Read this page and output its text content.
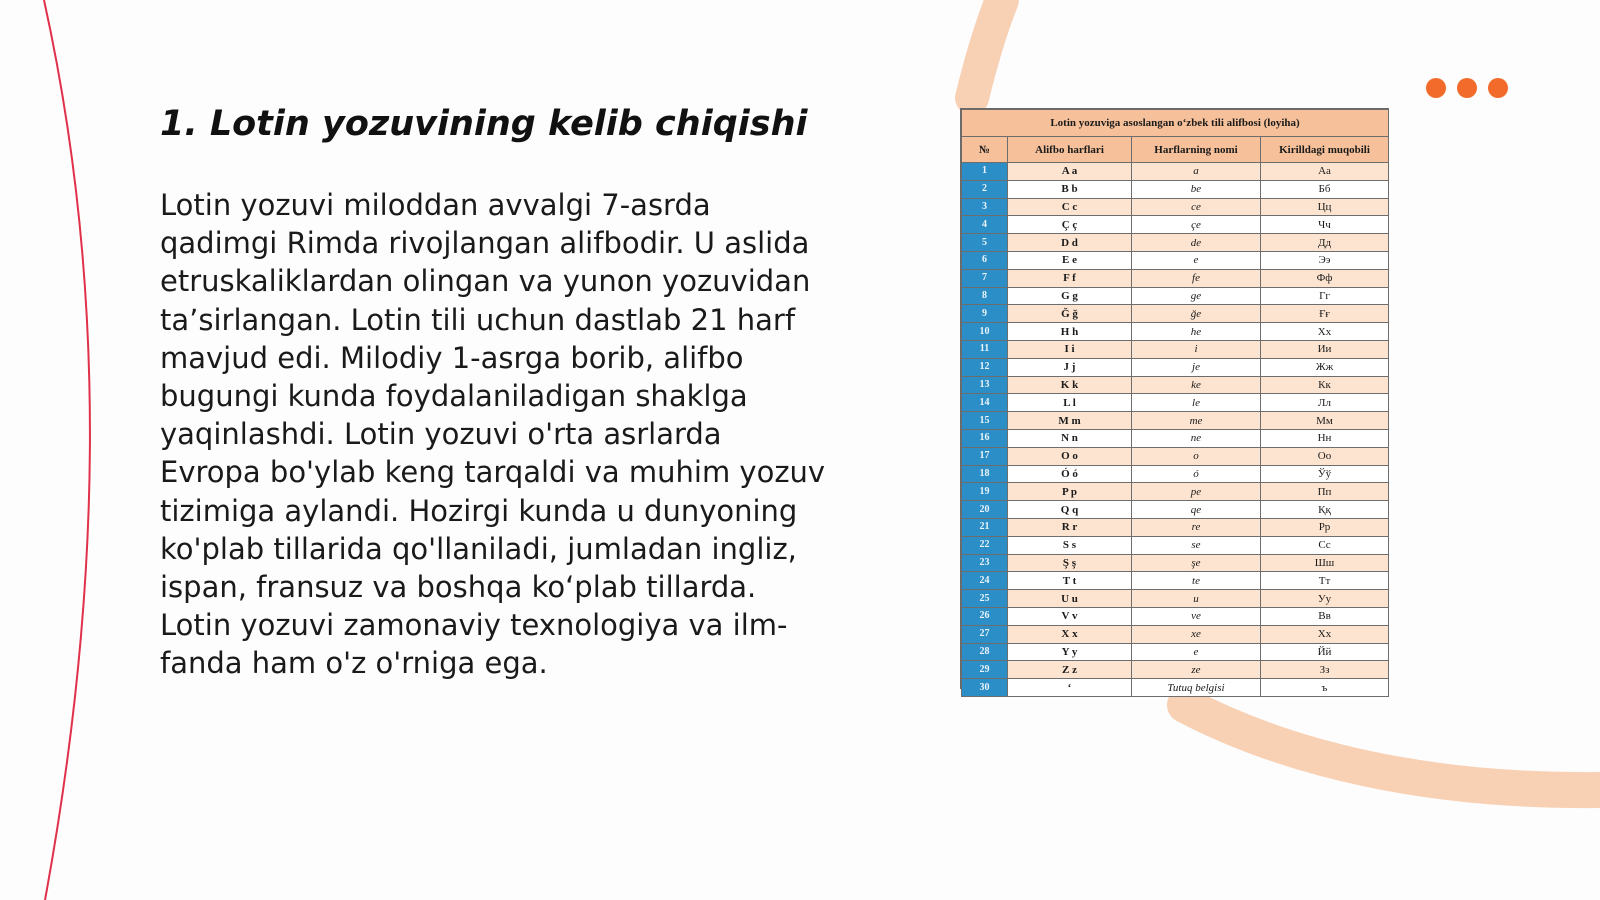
1. Lotin yozuvining kelib chiqishi

Lotin yozuvi miloddan avvalgi 7-asrda
qadimgi Rimda rivojlangan alifbodir. U aslida
etruskaliklardan olingan va yunon yozuvidan
ta’sirlangan. Lotin tili uchun dastlab 21 harf
mavjud edi. Milodiy 1-asrga borib, alifbo
bugungi kunda foydalaniladigan shaklga
yaqinlashdi. Lotin yozuvi o'rta asrlarda
Evropa bo'ylab keng tarqaldi va muhim yozuv
tizimiga aylandi. Hozirgi kunda u dunyoning
ko'plab tillarida qo'llaniladi, jumladan ingliz,
ispan, fransuz va boshqa ko‘plab tillarda.
Lotin yozuvi zamonaviy texnologiya va ilm-
fanda ham o'z o'rniga ega.

Lotin yozuviga asoslangan o‘zbek tili alifbosi (loyiha)			
№	Alifbo harflari	Harflarning nomi	Kirilldagi muqobili
1	A a	a	Аа
2	B b	be	Бб
3	C c	ce	Цц
4	Ç ç	çe	Чч
5	D d	de	Дд
6	E e	e	Ээ
7	F f	fe	Фф
8	G g	ge	Гг
9	Ğ ğ	ğe	Ғғ
10	H h	he	Хх
11	I i	i	Ии
12	J j	je	Жж
13	K k	ke	Кк
14	L l	le	Лл
15	M m	me	Мм
16	N n	ne	Нн
17	O o	o	Оо
18	Ó ó	ó	Ўў
19	P p	pe	Пп
20	Q q	qe	Ққ
21	R r	re	Рр
22	S s	se	Сс
23	Ş ş	şe	Шш
24	T t	te	Тт
25	U u	u	Уу
26	V v	ve	Вв
27	X x	xe	Хх
28	Y y	e	Йй
29	Z z	ze	Зз
30	‘	Tutuq belgisi	ъ
